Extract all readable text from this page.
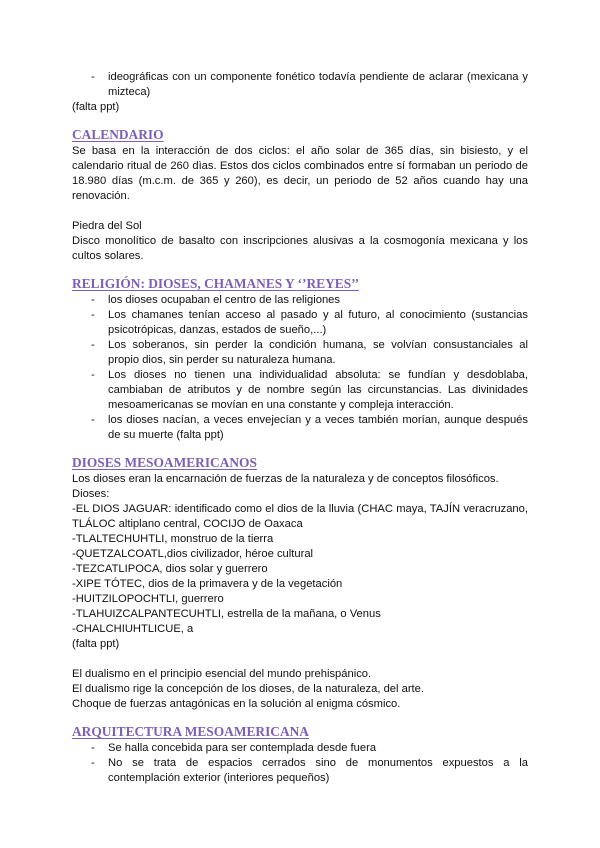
-	ideográficas con un componente fonético todavía pendiente de aclarar (mexicana y mizteca)

(falta ppt)

CALENDARIO

Se basa en la interacción de dos ciclos: el año solar de 365 días, sin bisiesto, y el calendario ritual de 260 dìas. Estos dos ciclos combinados entre sí formaban un periodo de 18.980 días (m.c.m. de 365 y 260), es decir, un periodo de 52 años cuando hay una renovación.

Piedra del Sol

Disco monolítico de basalto con inscripciones alusivas a la cosmogonía mexicana y los cultos solares.

RELIGIÓN: DIOSES, CHAMANES Y ‘’REYES’’
-	los dioses ocupaban el centro de las religiones
-	Los chamanes tenían acceso al pasado y al futuro, al conocimiento (sustancias psicotrópicas, danzas, estados de sueño,...)
-	Los soberanos, sin perder la condición humana, se volvían consustanciales al propio dios, sin perder su naturaleza humana.
-	Los dioses no tienen una individualidad absoluta: se fundían y desdoblaba, cambiaban de atributos y de nombre según las circunstancias. Las divinidades mesoamericanas se movían en una constante y compleja interacción.
-	los dioses nacían, a veces envejecían y a veces también morían, aunque después de su muerte (falta ppt)
DIOSES MESOAMERICANOS

Los dioses eran la encarnación de fuerzas de la naturaleza y de conceptos filosóficos.

Dioses:

-EL DIOS JAGUAR: identificado como el dios de la lluvia (CHAC maya, TAJÍN veracruzano, TLÁLOC altiplano central, COCIJO de Oaxaca

-TLALTECHUHTLI, monstruo de la tierra

-QUETZALCOATL,dios civilizador, héroe cultural

-TEZCATLIPOCA, dios solar y guerrero

-XIPE TÓTEC, dios de la primavera y de la vegetación

-HUITZILOPOCHTLI, guerrero

-TLAHUIZCALPANTECUHTLI, estrella de la mañana, o Venus

-CHALCHIUHTLICUE, a

(falta ppt)

El dualismo en el principio esencial del mundo prehispánico.

El dualismo rige la concepción de los dioses, de la naturaleza, del arte.

Choque de fuerzas antagónicas en la solución al enigma cósmico.

ARQUITECTURA MESOAMERICANA
-	Se halla concebida para ser contemplada desde fuera
-	No se trata de espacios cerrados sino de monumentos expuestos a la contemplación exterior (interiores pequeños)
